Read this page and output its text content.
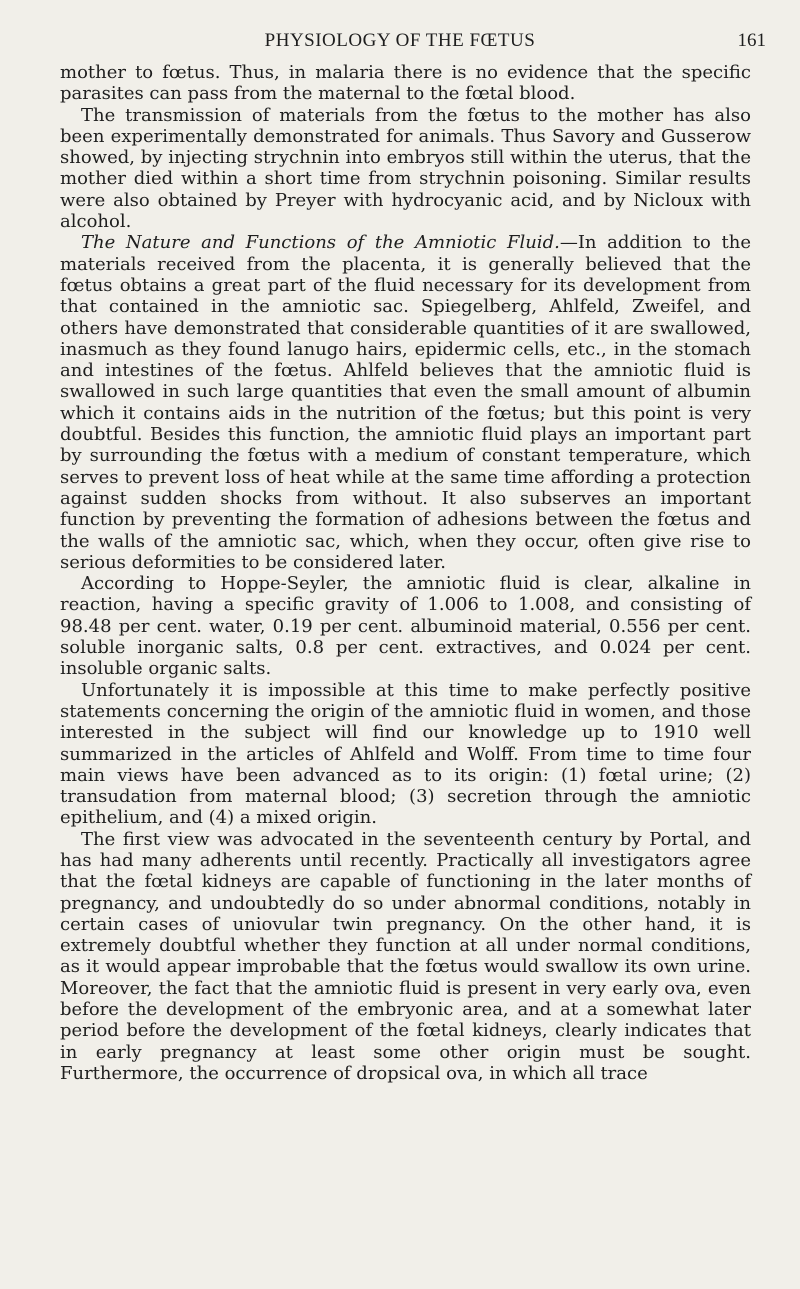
PHYSIOLOGY OF THE FŒTUS	161

mother to fœtus. Thus, in malaria there is no evidence that the specific parasites can pass from the maternal to the fœtal blood.

The transmission of materials from the fœtus to the mother has also been experimentally demonstrated for animals. Thus Savory and Gusserow showed, by injecting strychnin into embryos still within the uterus, that the mother died within a short time from strychnin poisoning. Similar results were also obtained by Preyer with hydrocyanic acid, and by Nicloux with alcohol.

The Nature and Functions of the Amniotic Fluid.—In addition to the materials received from the placenta, it is generally believed that the fœtus obtains a great part of the fluid necessary for its development from that contained in the amniotic sac. Spiegelberg, Ahlfeld, Zweifel, and others have demonstrated that considerable quantities of it are swallowed, inasmuch as they found lanugo hairs, epidermic cells, etc., in the stomach and intestines of the fœtus. Ahlfeld believes that the amniotic fluid is swallowed in such large quantities that even the small amount of albumin which it contains aids in the nutrition of the fœtus; but this point is very doubtful. Besides this function, the amniotic fluid plays an important part by surrounding the fœtus with a medium of constant temperature, which serves to prevent loss of heat while at the same time affording a protection against sudden shocks from without. It also subserves an important function by preventing the formation of adhesions between the fœtus and the walls of the amniotic sac, which, when they occur, often give rise to serious deformities to be considered later.

According to Hoppe-Seyler, the amniotic fluid is clear, alkaline in reaction, having a specific gravity of 1.006 to 1.008, and consisting of 98.48 per cent. water, 0.19 per cent. albuminoid material, 0.556 per cent. soluble inorganic salts, 0.8 per cent. extractives, and 0.024 per cent. insoluble organic salts.

Unfortunately it is impossible at this time to make perfectly positive statements concerning the origin of the amniotic fluid in women, and those interested in the subject will find our knowledge up to 1910 well summarized in the articles of Ahlfeld and Wolff. From time to time four main views have been advanced as to its origin: (1) fœtal urine; (2) transudation from maternal blood; (3) secretion through the amniotic epithelium, and (4) a mixed origin.

The first view was advocated in the seventeenth century by Portal, and has had many adherents until recently. Practically all investigators agree that the fœtal kidneys are capable of functioning in the later months of pregnancy, and undoubtedly do so under abnormal conditions, notably in certain cases of uniovular twin pregnancy. On the other hand, it is extremely doubtful whether they function at all under normal conditions, as it would appear improbable that the fœtus would swallow its own urine. Moreover, the fact that the amniotic fluid is present in very early ova, even before the development of the embryonic area, and at a somewhat later period before the development of the fœtal kidneys, clearly indicates that in early pregnancy at least some other origin must be sought. Furthermore, the occurrence of dropsical ova, in which all trace
